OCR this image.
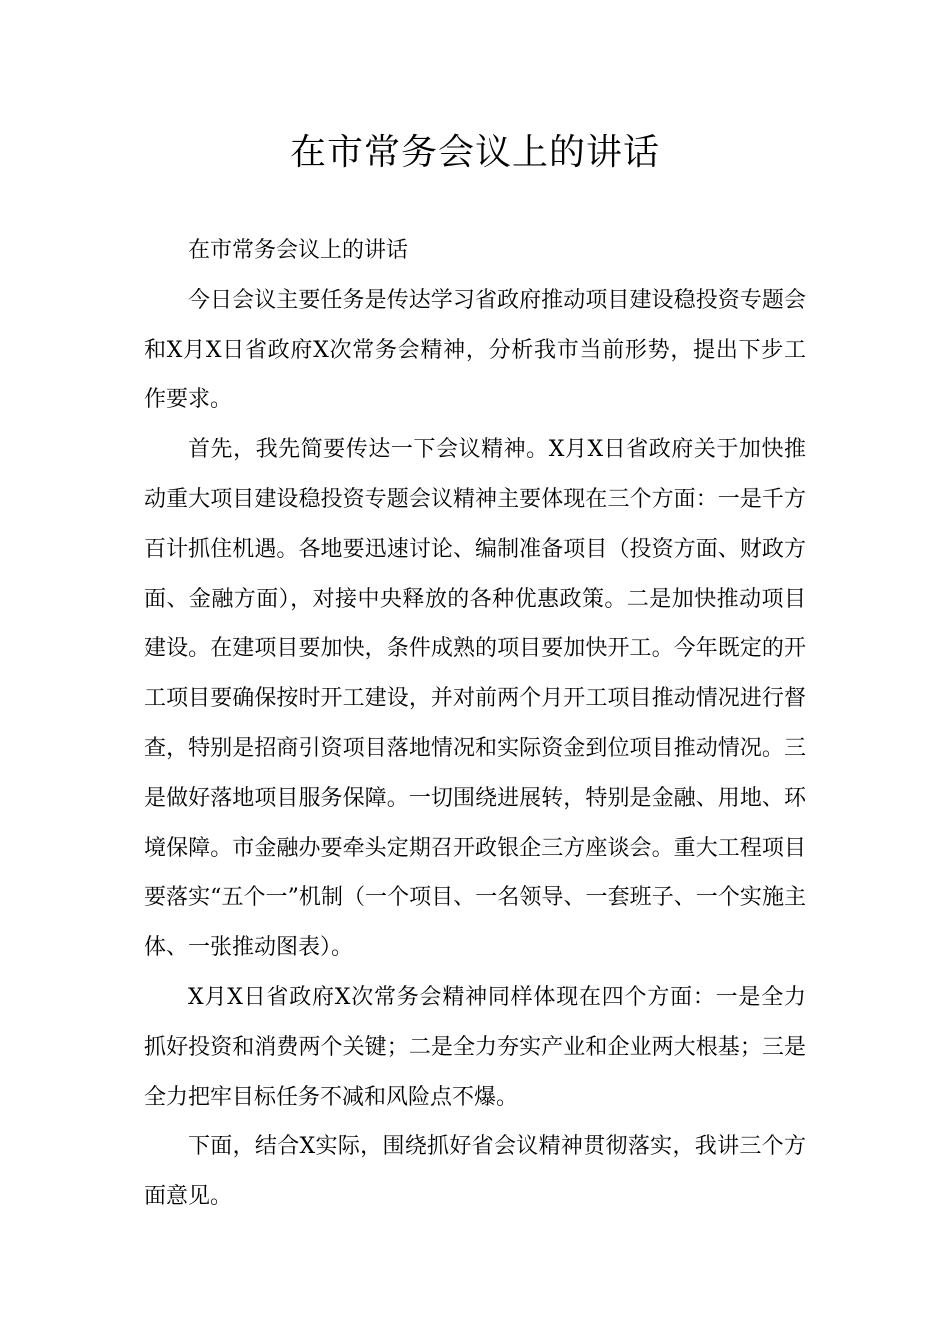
在市常务会议上的讲话

在市常务会议上的讲话

今日会议主要任务是传达学习省政府推动项目建设稳投资专题会和X月X日省政府X次常务会精神，分析我市当前形势，提出下步工作要求。

首先，我先简要传达一下会议精神。X月X日省政府关于加快推动重大项目建设稳投资专题会议精神主要体现在三个方面：一是千方百计抓住机遇。各地要迅速讨论、编制准备项目（投资方面、财政方面、金融方面），对接中央释放的各种优惠政策。二是加快推动项目建设。在建项目要加快，条件成熟的项目要加快开工。今年既定的开工项目要确保按时开工建设，并对前两个月开工项目推动情况进行督查，特别是招商引资项目落地情况和实际资金到位项目推动情况。三是做好落地项目服务保障。一切围绕进展转，特别是金融、用地、环境保障。市金融办要牵头定期召开政银企三方座谈会。重大工程项目要落实“五个一”机制（一个项目、一名领导、一套班子、一个实施主体、一张推动图表）。

X月X日省政府X次常务会精神同样体现在四个方面：一是全力抓好投资和消费两个关键；二是全力夯实产业和企业两大根基；三是全力把牢目标任务不减和风险点不爆。

下面，结合X实际，围绕抓好省会议精神贯彻落实，我讲三个方面意见。
